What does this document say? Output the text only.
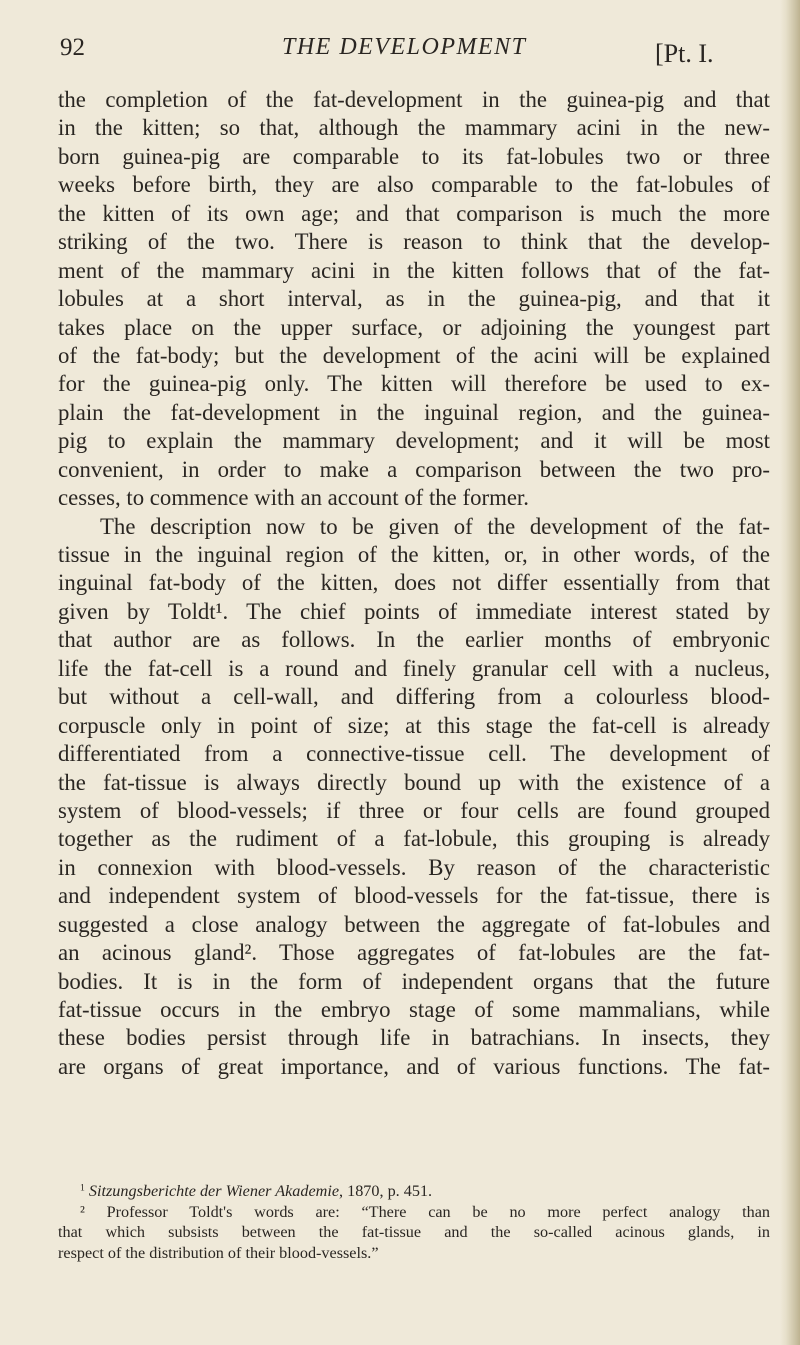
92	THE DEVELOPMENT	[Pt. I.
the completion of the fat-development in the guinea-pig and that
in the kitten; so that, although the mammary acini in the new-
born guinea-pig are comparable to its fat-lobules two or three
weeks before birth, they are also comparable to the fat-lobules of
the kitten of its own age; and that comparison is much the more
striking of the two. There is reason to think that the develop-
ment of the mammary acini in the kitten follows that of the fat-
lobules at a short interval, as in the guinea-pig, and that it
takes place on the upper surface, or adjoining the youngest part
of the fat-body; but the development of the acini will be explained
for the guinea-pig only. The kitten will therefore be used to ex-
plain the fat-development in the inguinal region, and the guinea-
pig to explain the mammary development; and it will be most
convenient, in order to make a comparison between the two pro-
cesses, to commence with an account of the former.
The description now to be given of the development of the fat-
tissue in the inguinal region of the kitten, or, in other words, of the
inguinal fat-body of the kitten, does not differ essentially from that
given by Toldt¹. The chief points of immediate interest stated by
that author are as follows. In the earlier months of embryonic
life the fat-cell is a round and finely granular cell with a nucleus,
but without a cell-wall, and differing from a colourless blood-
corpuscle only in point of size; at this stage the fat-cell is already
differentiated from a connective-tissue cell. The development of
the fat-tissue is always directly bound up with the existence of a
system of blood-vessels; if three or four cells are found grouped
together as the rudiment of a fat-lobule, this grouping is already
in connexion with blood-vessels. By reason of the characteristic
and independent system of blood-vessels for the fat-tissue, there is
suggested a close analogy between the aggregate of fat-lobules and
an acinous gland². Those aggregates of fat-lobules are the fat-
bodies. It is in the form of independent organs that the future
fat-tissue occurs in the embryo stage of some mammalians, while
these bodies persist through life in batrachians. In insects, they
are organs of great importance, and of various functions. The fat-
$^1$ Sitzungsberichte der Wiener Akademie, 1870, p. 451.
² Professor Toldt's words are: “There can be no more perfect analogy than
that which subsists between the fat-tissue and the so-called acinous glands, in
respect of the distribution of their blood-vessels.”
